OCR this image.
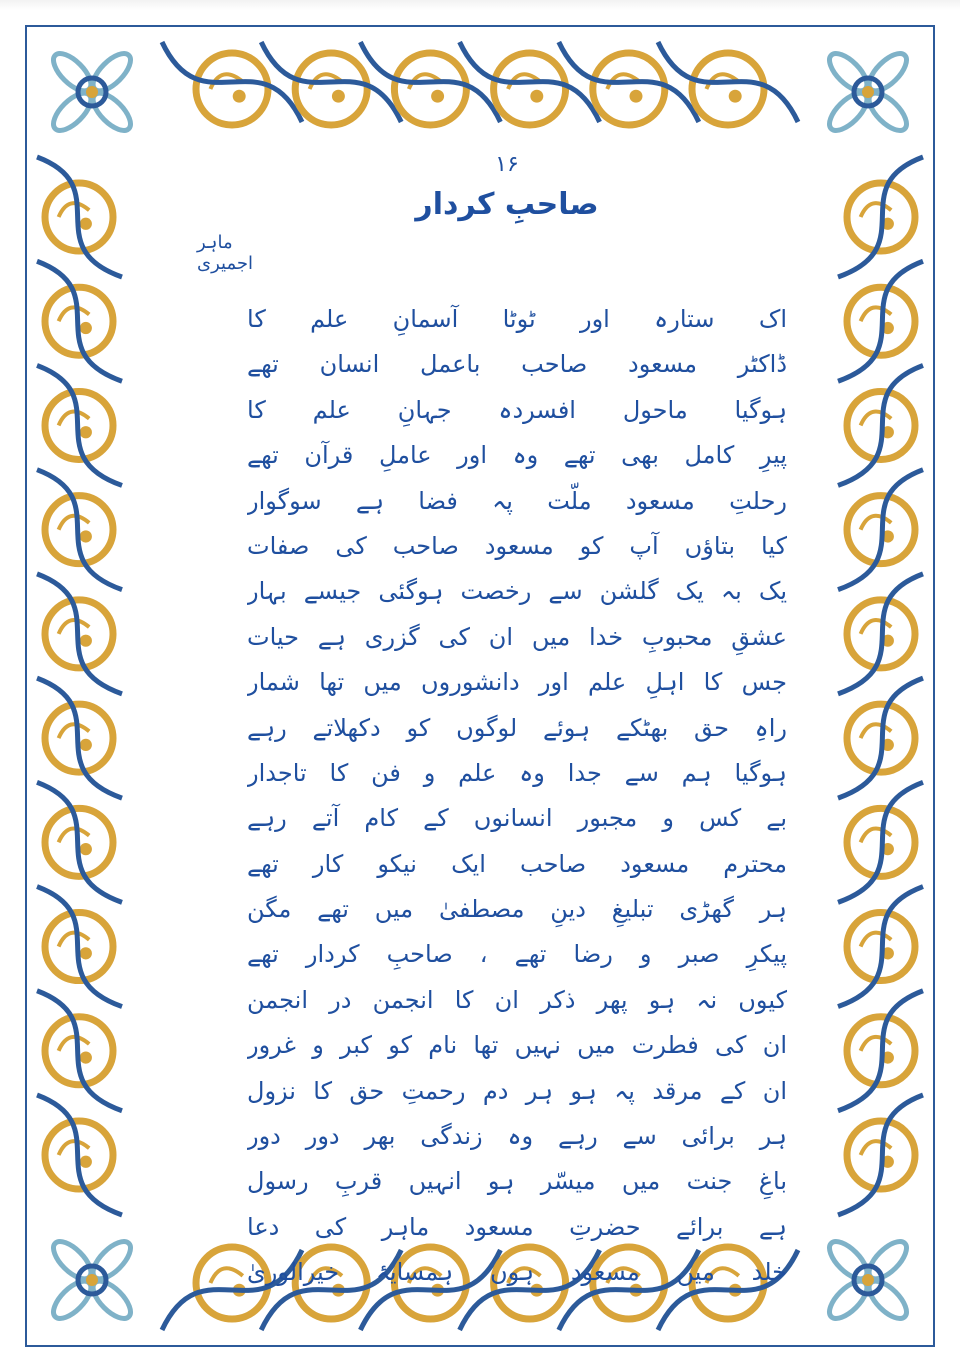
۱۶
صاحبِ کردار
ماہر اجمیری
اک ستارہ اور ٹوٹا آسمانِ علم کا
ڈاکٹر مسعود صاحب باعمل انسان تھے
ہوگیا ماحول افسردہ جہانِ علم کا
پیرِ کامل بھی تھے وہ اور عاملِ قرآن تھے
رحلتِ مسعود ملّت پہ فضا ہے سوگوار
کیا بتاؤں آپ کو مسعود صاحب کی صفات
یک بہ یک گلشن سے رخصت ہوگئی جیسے بہار
عشقِ محبوبِ خدا میں ان کی گزری ہے حیات
جس کا اہلِ علم اور دانشوروں میں تھا شمار
راہِ حق بھٹکے ہوئے لوگوں کو دکھلاتے رہے
ہوگیا ہم سے جدا وہ علم و فن کا تاجدار
بے کس و مجبور انسانوں کے کام آتے رہے
محترم مسعود صاحب ایک نیکو کار تھے
ہر گھڑی تبلیغِ دینِ مصطفیٰ میں تھے مگن
پیکرِ صبر و رضا تھے ، صاحبِ کردار تھے
کیوں نہ ہو پھر ذکر ان کا انجمن در انجمن
ان کی فطرت میں نہیں تھا نام کو کبر و غرور
ان کے مرقد پہ ہو ہر دم رحمتِ حق کا نزول
ہر برائی سے رہے وہ زندگی بھر دور دور
باغِ جنت میں میسّر ہو انہیں قربِ رسول
ہے برائے حضرتِ مسعود ماہر کی دعا
خلد میں مسعود ہوں ہمسایۂ خیرالوریٰ
